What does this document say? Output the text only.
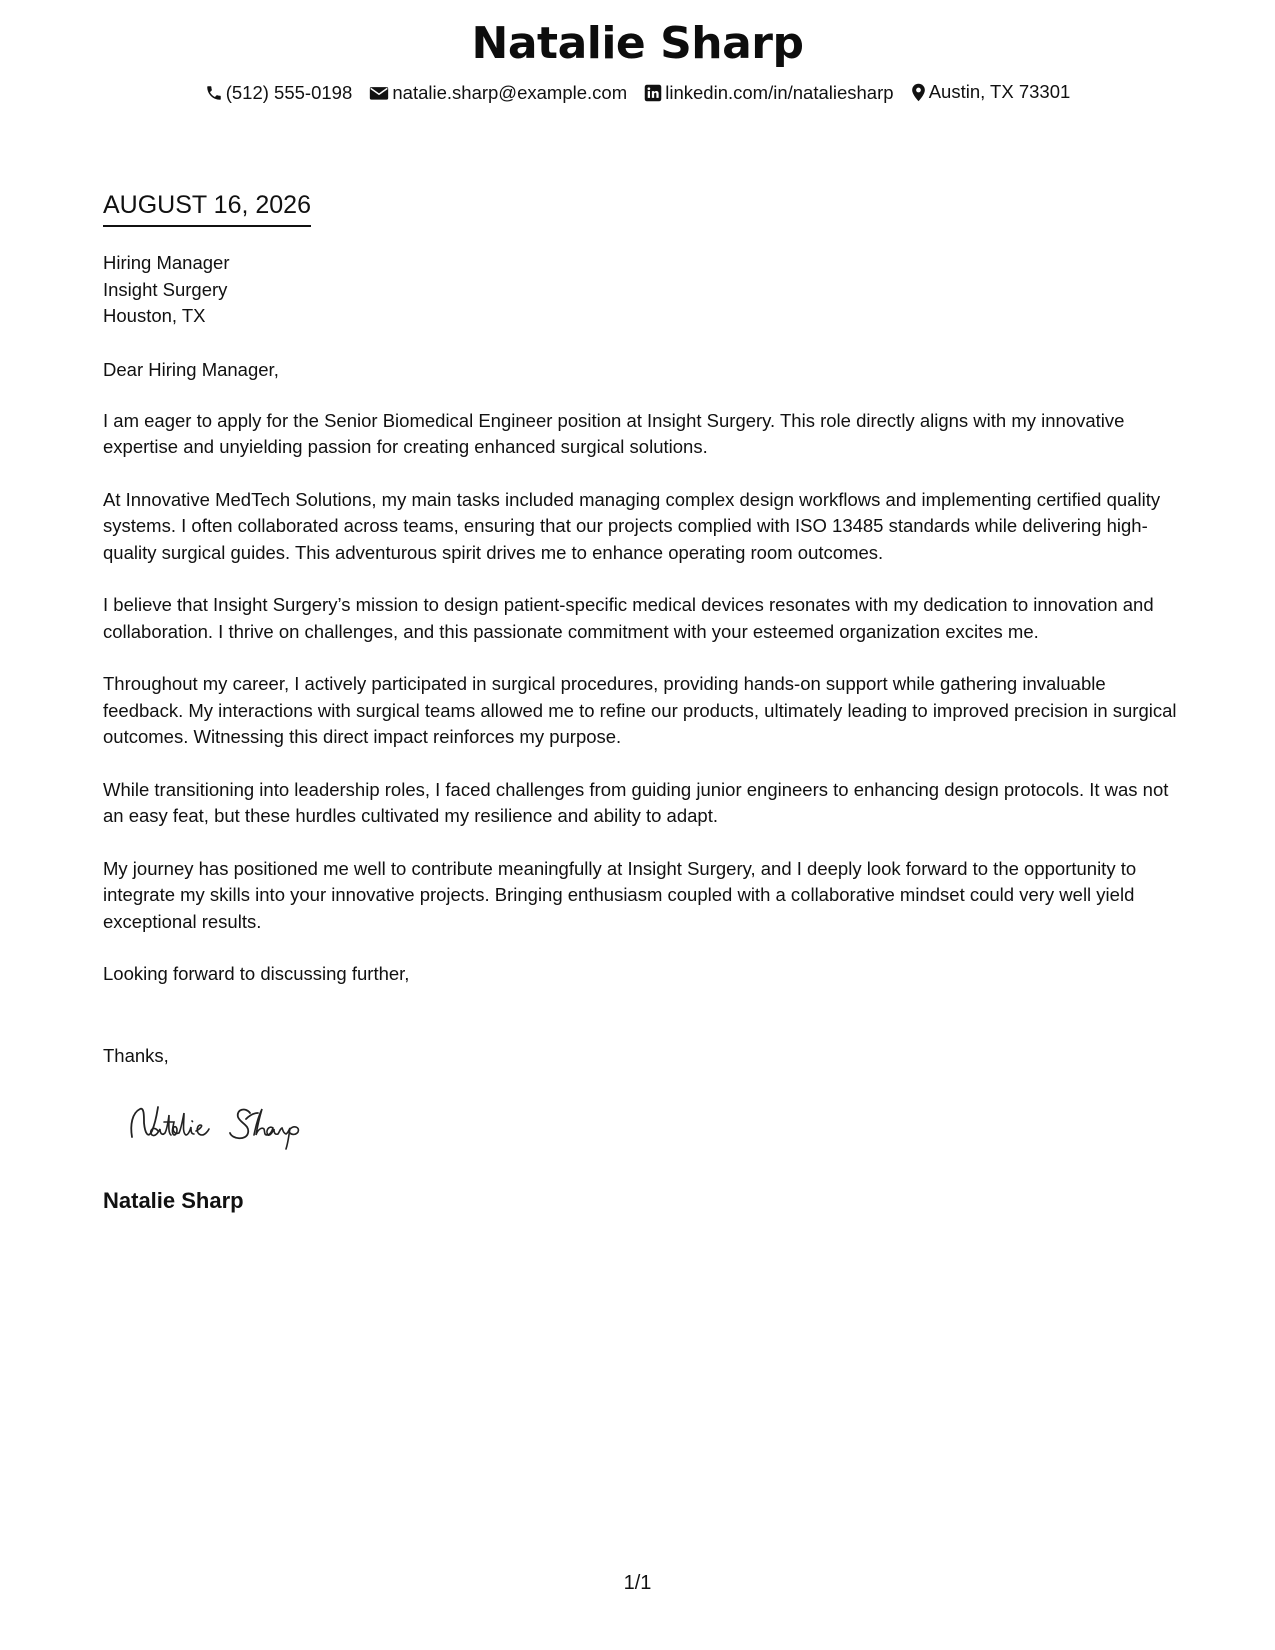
Natalie Sharp
(512) 555-0198
natalie.sharp@example.com
linkedin.com/in/nataliesharp
Austin, TX 73301
AUGUST 16, 2026
Hiring Manager
Insight Surgery
Houston, TX

Dear Hiring Manager,

I am eager to apply for the Senior Biomedical Engineer position at Insight Surgery. This role directly aligns with my innovative expertise and unyielding passion for creating enhanced surgical solutions.

At Innovative MedTech Solutions, my main tasks included managing complex design workflows and implementing certified quality systems. I often collaborated across teams, ensuring that our projects complied with ISO 13485 standards while delivering high-quality surgical guides. This adventurous spirit drives me to enhance operating room outcomes.

I believe that Insight Surgery’s mission to design patient-specific medical devices resonates with my dedication to innovation and collaboration. I thrive on challenges, and this passionate commitment with your esteemed organization excites me.

Throughout my career, I actively participated in surgical procedures, providing hands-on support while gathering invaluable feedback. My interactions with surgical teams allowed me to refine our products, ultimately leading to improved precision in surgical outcomes. Witnessing this direct impact reinforces my purpose.

While transitioning into leadership roles, I faced challenges from guiding junior engineers to enhancing design protocols. It was not an easy feat, but these hurdles cultivated my resilience and ability to adapt.

My journey has positioned me well to contribute meaningfully at Insight Surgery, and I deeply look forward to the opportunity to integrate my skills into your innovative projects. Bringing enthusiasm coupled with a collaborative mindset could very well yield exceptional results.

Looking forward to discussing further,

Thanks,
Natalie Sharp
1/1
